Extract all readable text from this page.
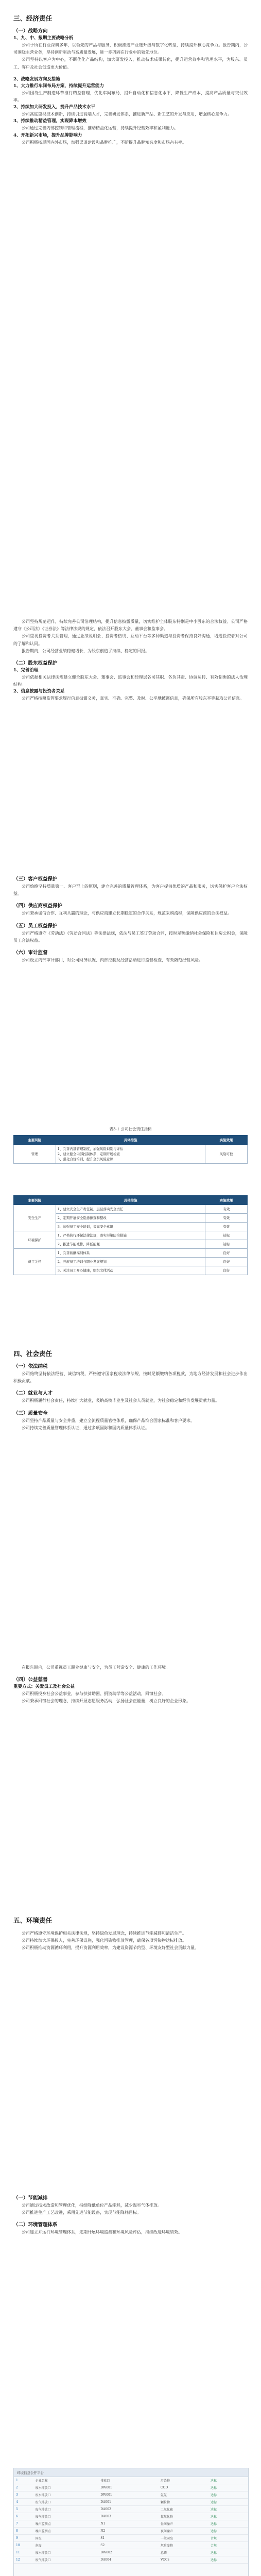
三、经济责任
（一）战略方向
1、九、中、报期主要战略分析

公司于所在行业深耕多年，以领先的产品与服务，积极推进产业链升级与数字化转型，持续提升核心竞争力。报告期内，公司围绕主营业务，坚持创新驱动与高质量发展，进一步巩固在行业中的领先地位。

公司坚持以客户为中心，不断优化产品结构，加大研发投入，推动技术成果转化，提升运营效率和管理水平，为股东、员工、客户及社会创造更大价值。

2、战略发展方向及措施
1、大力推行车间布局方案，持续提升运营能力

公司围绕生产制造环节推行精益管理，优化车间布局，提升自动化和信息化水平，降低生产成本，提高产品质量与交付效率。

2、持续加大研发投入，提升产品技术水平

公司高度重视技术创新，持续引进高端人才，完善研发体系，推进新产品、新工艺的开发与应用，增强核心竞争力。

3、持续推动精益管理，实现降本增效

公司通过完善内部控制和管理流程，推动精益化运营，持续提升经营效率和盈利能力。

4、开拓新兴市场，提升品牌影响力

公司积极拓展国内外市场，加强渠道建设和品牌推广，不断提升品牌知名度和市场占有率。

公司坚持规范运作，持续完善公司治理结构，提升信息披露质量，切实维护全体股东特别是中小股东的合法权益。公司严格遵守《公司法》《证券法》等法律法规的规定，依法召开股东大会、董事会和监事会。

公司重视投资者关系管理，通过业绩说明会、投资者热线、互动平台等多种渠道与投资者保持良好沟通，增进投资者对公司的了解和认同。

报告期内，公司经营业绩稳健增长，为股东创造了持续、稳定的回报。

（二）股东权益保护
1、完善治理

公司依据相关法律法规建立健全股东大会、董事会、监事会和经理层各司其职、各负其责、协调运转、有效制衡的法人治理结构。

2、信息披露与投资者关系

公司严格按照监管要求履行信息披露义务，真实、准确、完整、及时、公平地披露信息，确保所有股东平等获取公司信息。

（三）客户权益保护

公司始终坚持质量第一、客户至上的原则，建立完善的质量管理体系，为客户提供优质的产品和服务，切实保护客户合法权益。

（四）供应商权益保护

公司秉承诚信合作、互利共赢的理念，与供应商建立长期稳定的合作关系，规范采购流程，保障供应商的合法权益。

（五）员工权益保护

公司严格遵守《劳动法》《劳动合同法》等法律法规，依法与员工签订劳动合同，按时足额缴纳社会保险和住房公积金，保障员工合法权益。

（六）审计监督

公司设立内部审计部门，对公司财务状况、内部控制及经营活动进行监督检查，有效防范经营风险。

表3-1 公司社会责任指标
主要风险	具体措施	实施效果
管理	1、完善内部管理制度，加强风险识别与评估
2、建立健全内部控制体系，定期开展检查
3、强化合规培训，提升全员风险意识	风险可控
主要风险	具体措施	实施效果
安全生产	1、建立安全生产责任制，层层落实安全责任	有效
	2、定期开展安全隐患排查和整改	有效
	3、加强员工安全培训，提高安全意识	有效
环境保护	1、严格执行环保法律法规，落实污染防治措施	达标
	2、推进节能减排，降低能耗	达标
员工关怀	1、完善薪酬福利体系	良好
	2、开展员工培训与职业发展规划	良好
	3、关注员工身心健康，组织文体活动	良好
四、社会责任
（一）依法纳税

公司始终坚持依法经营、诚信纳税，严格遵守国家税收法律法规，按时足额缴纳各项税款，为地方经济发展和社会进步作出积极贡献。

（二）就业与人才

公司积极履行社会责任，持续扩大就业，吸纳高校毕业生及社会人员就业，为社会稳定和经济发展贡献力量。

（三）质量安全

公司坚持产品质量与安全并重，建立全流程质量管控体系，确保产品符合国家标准和客户要求。

公司持续完善质量管理体系认证，通过多项国际和国内质量体系认证。

在报告期内，公司重视员工职业健康与安全，为员工营造安全、健康的工作环境。

（四）公益慈善
重要方式：关爱员工及社会公益

公司积极投身社会公益事业，参与扶贫助困、捐资助学等公益活动，回馈社会。

公司秉承回馈社会的理念，持续开展志愿服务活动，弘扬社会正能量，树立良好的企业形象。

五、环境责任

公司严格遵守环境保护相关法律法规，坚持绿色发展理念，持续推进节能减排和清洁生产。

公司持续加大环保投入，完善环保设施，强化污染物排放管理，确保各项污染物达标排放。

公司积极推动资源循环利用，提升资源利用效率，为建设资源节约型、环境友好型社会贡献力量。

（一）节能减排

公司通过技术改造和管理优化，持续降低单位产品能耗，减少温室气体排放。

公司推进生产工艺改进，采用先进节能设备，实现节能降耗目标。

（二）环境管理体系

公司建立并运行环境管理体系，定期开展环境监测和环境风险评估，持续改进环境绩效。

环境信息公开平台
1	企业名称	排放口	污染物	达标
2	废水排放口	DW001	COD	达标
3	废水排放口	DW001	氨氮	达标
4	废气排放口	DA001	颗粒物	达标
5	废气排放口	DA002	二氧化硫	达标
6	废气排放口	DA003	氮氧化物	达标
7	噪声监测点	N1	昼间噪声	达标
8	噪声监测点	N2	夜间噪声	达标
9	固废	S1	一般固废	合规
10	危废	S2	危险废物	合规
11	废水排放口	DW002	总磷	达标
12	废气排放口	DA004	VOCs	达标
